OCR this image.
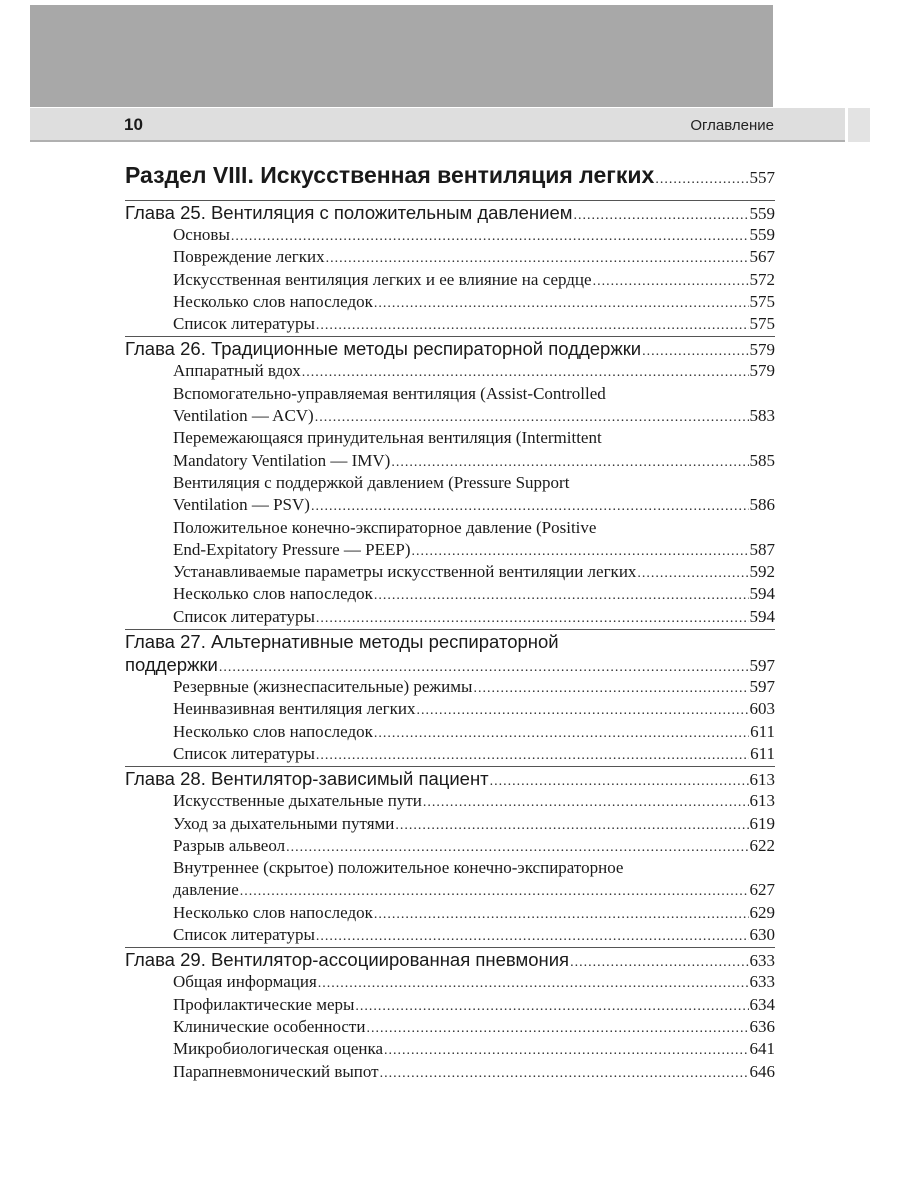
10	Оглавление
Раздел VIII. Искусственная вентиляция легких .....	557
Глава 25. Вентиляция с положительным давлением .....	559
Основы .....	559
Повреждение легких .....	567
Искусственная вентиляция легких и ее влияние на сердце .....	572
Несколько слов напоследок .....	575
Список литературы .....	575
Глава 26. Традиционные методы респираторной поддержки .....	579
Аппаратный вдох .....	579
Вспомогательно-управляемая вентиляция (Assist-Controlled
Ventilation — ACV) .....	583
Перемежающаяся принудительная вентиляция (Intermittent
Mandatory Ventilation — IMV) .....	585
Вентиляция с поддержкой давлением (Pressure Support
Ventilation — PSV) .....	586
Положительное конечно-экспираторное давление (Positive
End-Expitatory Pressure — PEEP) .....	587
Устанавливаемые параметры искусственной вентиляции легких .....	592
Несколько слов напоследок .....	594
Список литературы .....	594
Глава 27. Альтернативные методы респираторной
поддержки .....	597
Резервные (жизнеспасительные) режимы .....	597
Неинвазивная вентиляция легких .....	603
Несколько слов напоследок .....	611
Список литературы .....	611
Глава 28. Вентилятор-зависимый пациент .....	613
Искусственные дыхательные пути .....	613
Уход за дыхательными путями .....	619
Разрыв альвеол .....	622
Внутреннее (скрытое) положительное конечно-экспираторное
давление .....	627
Несколько слов напоследок .....	629
Список литературы .....	630
Глава 29. Вентилятор-ассоциированная пневмония .....	633
Общая информация .....	633
Профилактические меры .....	634
Клинические особенности .....	636
Микробиологическая оценка .....	641
Парапневмонический выпот .....	646
